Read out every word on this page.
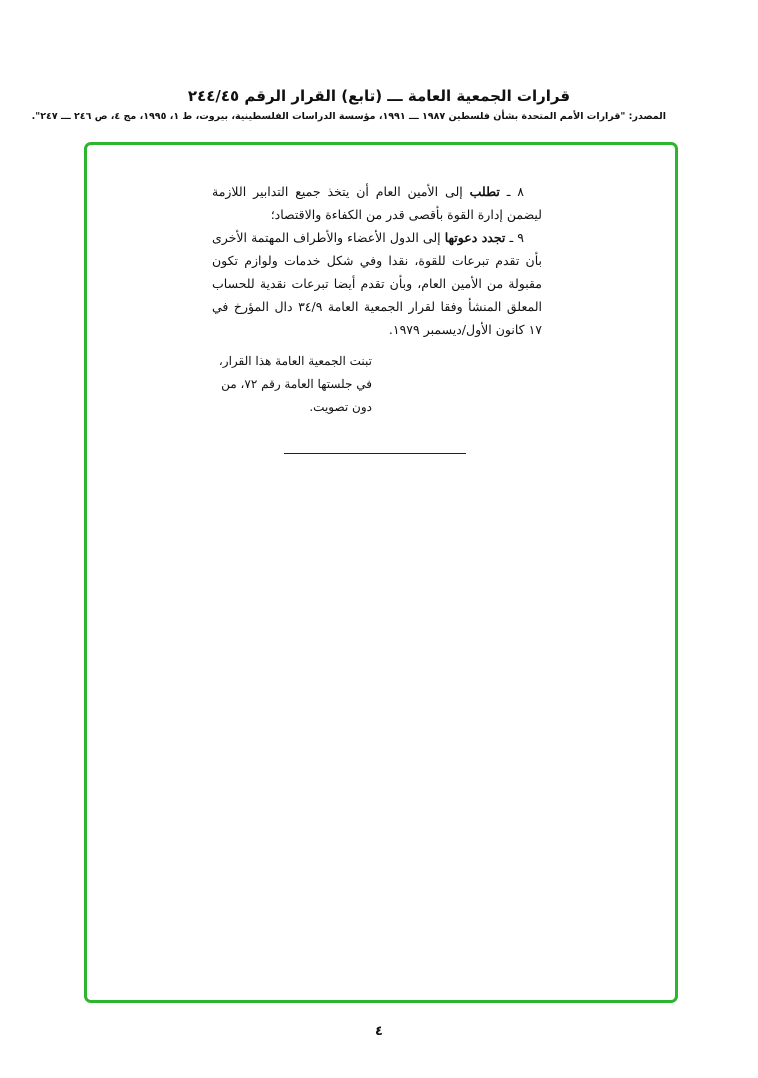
قرارات الجمعية العامة ـــ (تابع) القرار الرقم ٢٤٤/٤٥
المصدر: "قرارات الأمم المتحدة بشأن فلسطين ١٩٨٧ ـــ ١٩٩١، مؤسسة الدراسات الفلسطينية، بيروت، ط ١، ١٩٩٥، مج ٤، ص ٢٤٦ ـــ ٢٤٧".

٨ ـ تطلب إلى الأمين العام أن يتخذ جميع التدابير اللازمة ليضمن إدارة القوة بأقصى قدر من الكفاءة والاقتصاد؛

٩ ـ تجدد دعوتها إلى الدول الأعضاء والأطراف المهتمة الأخرى بأن تقدم تبرعات للقوة، نقدا وفي شكل خدمات ولوازم تكون مقبولة من الأمين العام، وبأن تقدم أيضا تبرعات نقدية للحساب المعلق المنشأ وفقا لقرار الجمعية العامة ٣٤/٩ دال المؤرخ في ١٧ كانون الأول/ديسمبر ١٩٧٩.

تبنت الجمعية العامة هذا القرار،
في جلستها العامة رقم ٧٢، من
دون تصويت.
٤
